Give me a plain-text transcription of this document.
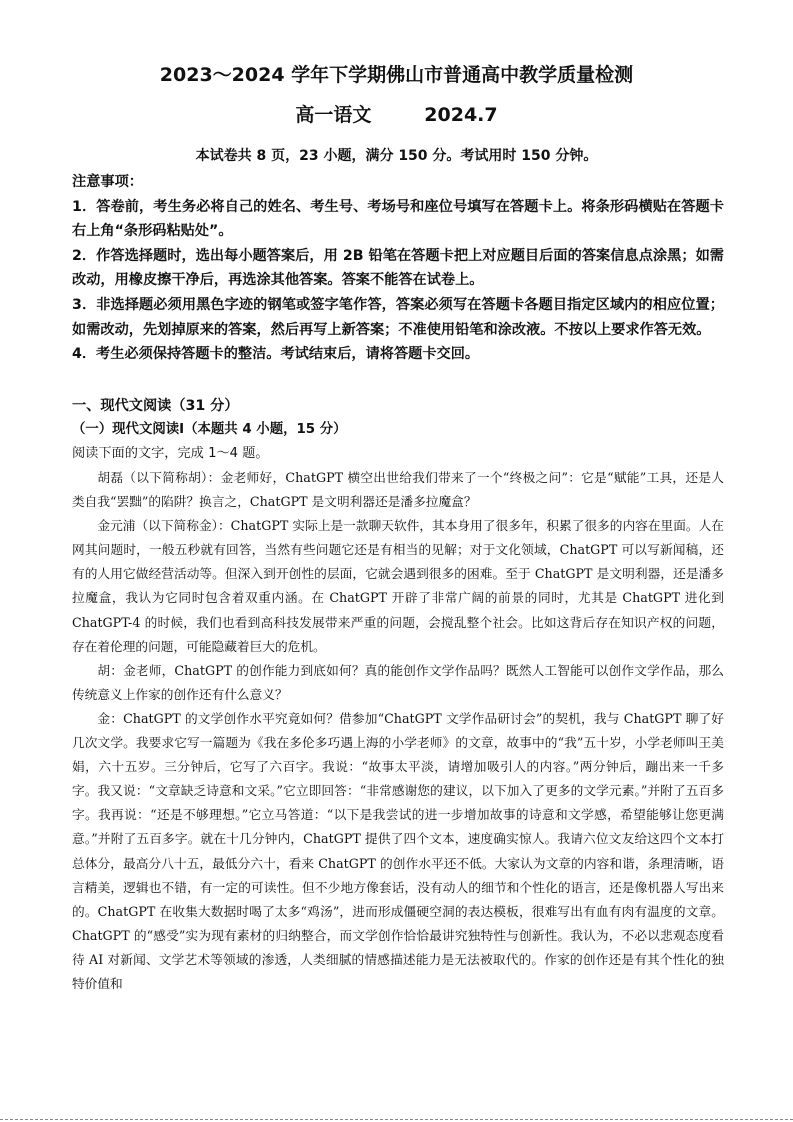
2023～2024 学年下学期佛山市普通高中教学质量检测
高一语文        2024.7
本试卷共 8 页，23 小题，满分 150 分。考试用时 150 分钟。

注意事项：

1．答卷前，考生务必将自己的姓名、考生号、考场号和座位号填写在答题卡上。将条形码横贴在答题卡右上角“条形码粘贴处”。

2．作答选择题时，选出每小题答案后，用 2B 铅笔在答题卡把上对应题目后面的答案信息点涂黑；如需改动，用橡皮擦干净后，再选涂其他答案。答案不能答在试卷上。

3．非选择题必须用黑色字迹的钢笔或签字笔作答，答案必须写在答题卡各题目指定区域内的相应位置；如需改动，先划掉原来的答案，然后再写上新答案；不准使用铅笔和涂改液。不按以上要求作答无效。

4．考生必须保持答题卡的整洁。考试结束后，请将答题卡交回。

一、现代文阅读（31 分）

（一）现代文阅读Ⅰ（本题共 4 小题，15 分）

阅读下面的文字，完成 1～4 题。

胡磊（以下简称胡）：金老师好，ChatGPT 横空出世给我们带来了一个“终极之问”：它是“赋能”工具，还是人类自我“罢黜”的陷阱？换言之，ChatGPT 是文明利器还是潘多拉魔盒？

金元浦（以下简称金）：ChatGPT 实际上是一款聊天软件，其本身用了很多年，积累了很多的内容在里面。人在网其问题时，一般五秒就有回答，当然有些问题它还是有相当的见解；对于文化领域，ChatGPT 可以写新闻稿，还有的人用它做经营活动等。但深入到开创性的层面，它就会遇到很多的困难。至于 ChatGPT 是文明利器，还是潘多拉魔盒，我认为它同时包含着双重内涵。在 ChatGPT 开辟了非常广阔的前景的同时，尤其是 ChatGPT 进化到 ChatGPT-4 的时候，我们也看到高科技发展带来严重的问题，会搅乱整个社会。比如这背后存在知识产权的问题，存在着伦理的问题，可能隐藏着巨大的危机。

胡：金老师，ChatGPT 的创作能力到底如何？真的能创作文学作品吗？既然人工智能可以创作文学作品，那么传统意义上作家的创作还有什么意义？

金：ChatGPT 的文学创作水平究竟如何？借参加“ChatGPT 文学作品研讨会”的契机，我与 ChatGPT 聊了好几次文学。我要求它写一篇题为《我在多伦多巧遇上海的小学老师》的文章，故事中的“我”五十岁，小学老师叫王美娟，六十五岁。三分钟后，它写了六百字。我说：“故事太平淡，请增加吸引人的内容。”两分钟后，蹦出来一千多字。我又说：“文章缺乏诗意和文采。”它立即回答：“非常感谢您的建议，以下加入了更多的文学元素。”并附了五百多字。我再说：“还是不够理想。”它立马答道：“以下是我尝试的进一步增加故事的诗意和文学感，希望能够让您更满意。”并附了五百多字。就在十几分钟内，ChatGPT 提供了四个文本，速度确实惊人。我请六位文友给这四个文本打总体分，最高分八十五，最低分六十，看来 ChatGPT 的创作水平还不低。大家认为文章的内容和谐，条理清晰，语言精美，逻辑也不错，有一定的可读性。但不少地方像套话，没有动人的细节和个性化的语言，还是像机器人写出来的。ChatGPT 在收集大数据时喝了太多“鸡汤”，进而形成僵硬空洞的表达模板，很难写出有血有肉有温度的文章。ChatGPT 的“感受”实为现有素材的归纳整合，而文学创作恰恰最讲究独特性与创新性。我认为，不必以悲观态度看待 AI 对新闻、文学艺术等领域的渗透，人类细腻的情感描述能力是无法被取代的。作家的创作还是有其个性化的独特价值和
